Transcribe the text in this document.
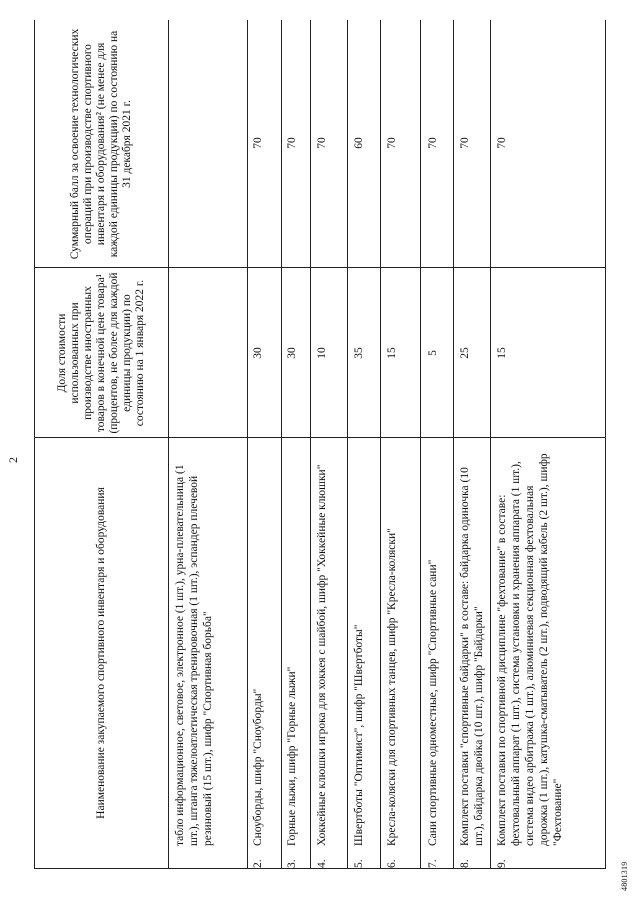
2
Наименование закупаемого спортивного инвентаря и оборудования
Доля стоимости использованных при производстве иностранных товаров в конечной цене товара¹ (процентов, не более для каждой единицы продукции) по состоянию на 1 января 2022 г.
Суммарный балл за освоение технологических операций при производстве спортивного инвентаря и оборудования² (не менее для каждой единицы продукции) по состоянию на 31 декабря 2021 г.
табло информационное, световое, электронное (1 шт.), урна-плевательница (1 шт.), штанга тяжелоатлетическая тренировочная (1 шт.), эспандер плечевой резиновый (15 шт.), шифр "Спортивная борьба"
2.
Сноуборды, шифр "Сноуборды"
30
70
3.
Горные лыжи, шифр "Горные лыжи"
30
70
4.
Хоккейные клюшки игрока для хоккея с шайбой, шифр "Хоккейные клюшки"
10
70
5.
Швертботы "Оптимист", шифр "Швертботы"
35
60
6.
Кресла-коляски для спортивных танцев, шифр "Кресла-коляски"
15
70
7.
Сани спортивные одноместные, шифр "Спортивные сани"
5
70
8.
Комплект поставки "спортивные байдарки" в составе: байдарка одиночка (10 шт.), байдарка двойка (10 шт.), шифр "Байдарки"
25
70
9.
Комплект поставки по спортивной дисциплине "фехтование" в составе: фехтовальный аппарат (1 шт.), система установки и хранения аппарата (1 шт.), система видео арбитража (1 шт.), алюминиевая секционная фехтовальная дорожка (1 шт.), катушка-сматыватель (2 шт.), подводящий кабель (2 шт.), шифр "Фехтование"
15
70
4801319
